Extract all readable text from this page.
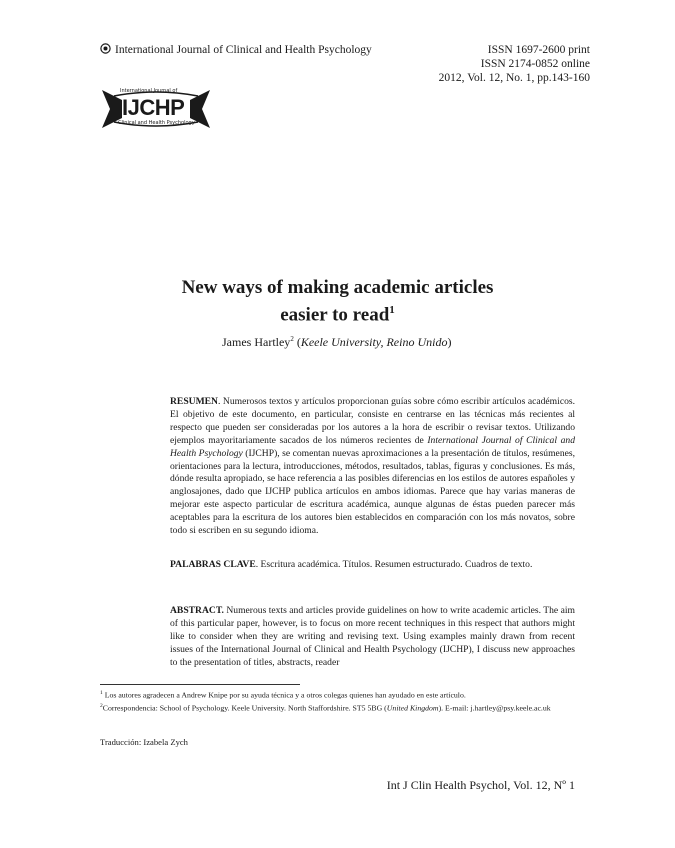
International Journal of Clinical and Health Psychology	ISSN 1697-2600 print
ISSN 2174-0852 online
2012, Vol. 12, No. 1, pp.143-160
International Journal of
IJCHP
Clinical and Health Psychology
New ways of making academic articles
easier to read$^1$
James Hartley$^2$ (Keele University, Reino Unido)
RESUMEN. Numerosos textos y artículos proporcionan guías sobre cómo escribir artículos académicos. El objetivo de este documento, en particular, consiste en centrarse en las técnicas más recientes al respecto que pueden ser consideradas por los autores a la hora de escribir o revisar textos. Utilizando ejemplos mayoritariamente sacados de los números recientes de International Journal of Clinical and Health Psychology (IJCHP), se comentan nuevas aproximaciones a la presentación de títulos, resúmenes, orientaciones para la lectura, introducciones, métodos, resultados, tablas, figuras y conclusiones. Es más, dónde resulta apropiado, se hace referencia a las posibles diferencias en los estilos de autores españoles y anglosajones, dado que IJCHP publica artículos en ambos idiomas. Parece que hay varias maneras de mejorar este aspecto particular de escritura académica, aunque algunas de éstas pueden parecer más aceptables para la escritura de los autores bien establecidos en comparación con los más novatos, sobre todo si escriben en su segundo idioma.
PALABRAS CLAVE. Escritura académica. Títulos. Resumen estructurado. Cuadros de texto.
ABSTRACT. Numerous texts and articles provide guidelines on how to write academic articles. The aim of this particular paper, however, is to focus on more recent techniques in this respect that authors might like to consider when they are writing and revising text. Using examples mainly drawn from recent issues of the International Journal of Clinical and Health Psychology (IJCHP), I discuss new approaches to the presentation of titles, abstracts, reader
$^1$ Los autores agradecen a Andrew Knipe por su ayuda técnica y a otros colegas quienes han ayudado en este artículo.
$^2$Correspondencia: School of Psychology. Keele University. North Staffordshire. ST5 5BG (United Kingdom). E-mail: j.hartley@psy.keele.ac.uk
Traducción: Izabela Zych
Int J Clin Health Psychol, Vol. 12, Nº 1
